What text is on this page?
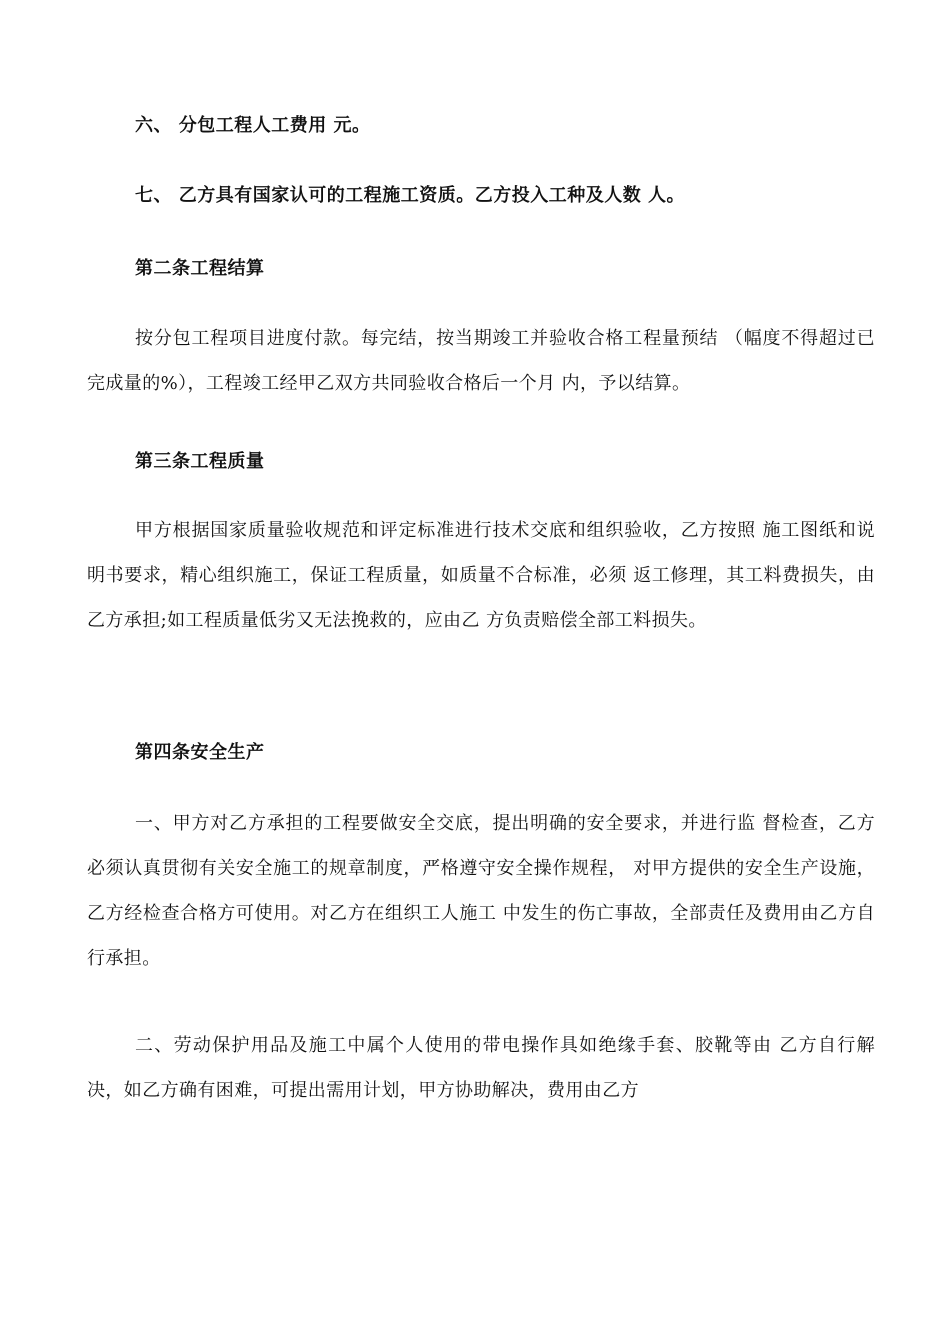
六、 分包工程人工费用 元。
七、 乙方具有国家认可的工程施工资质。乙方投入工种及人数 人。
第二条工程结算
按分包工程项目进度付款。每完结，按当期竣工并验收合格工程量预结 （幅度不得超过已完成量的%），工程竣工经甲乙双方共同验收合格后一个月 内，予以结算。
第三条工程质量
甲方根据国家质量验收规范和评定标准进行技术交底和组织验收，乙方按照 施工图纸和说明书要求，精心组织施工，保证工程质量，如质量不合标准，必须 返工修理，其工料费损失，由乙方承担;如工程质量低劣又无法挽救的，应由乙 方负责赔偿全部工料损失。
第四条安全生产
一、甲方对乙方承担的工程要做安全交底，提出明确的安全要求，并进行监 督检查，乙方必须认真贯彻有关安全施工的规章制度，严格遵守安全操作规程， 对甲方提供的安全生产设施，乙方经检查合格方可使用。对乙方在组织工人施工 中发生的伤亡事故，全部责任及费用由乙方自行承担。
二、劳动保护用品及施工中属个人使用的带电操作具如绝缘手套、胶靴等由 乙方自行解决，如乙方确有困难，可提出需用计划，甲方协助解决，费用由乙方
